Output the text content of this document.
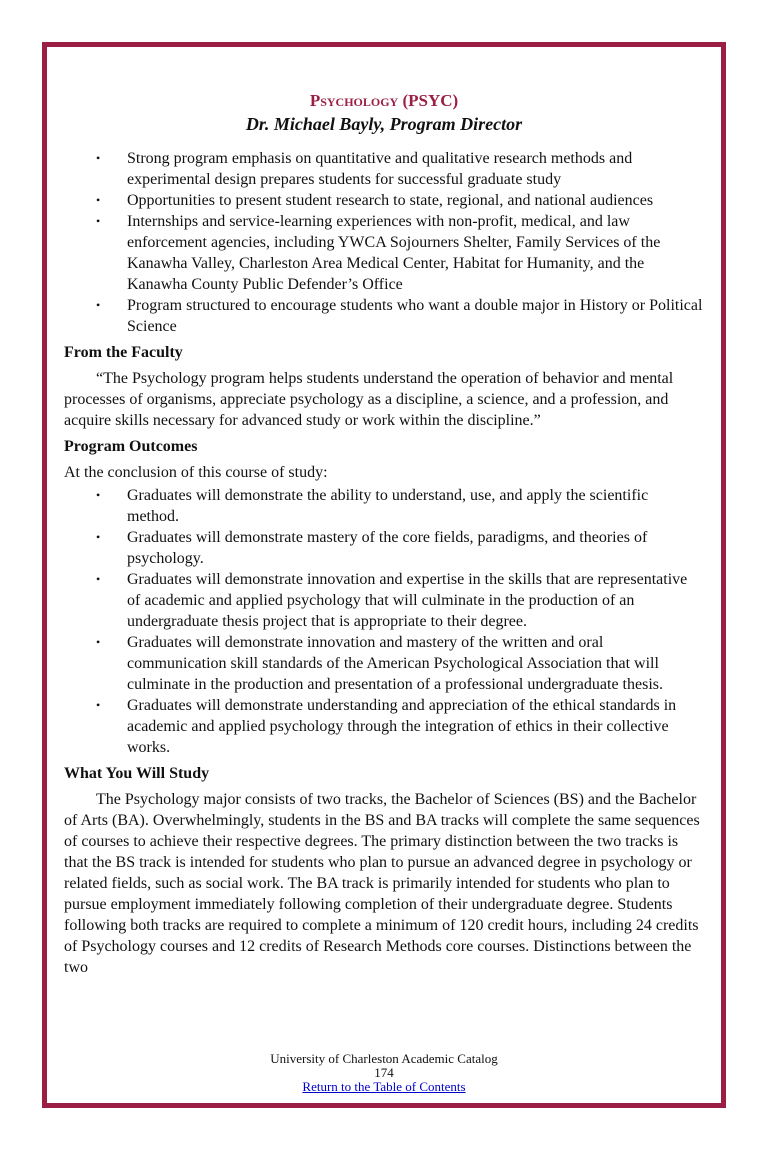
Psychology (PSYC)
Dr. Michael Bayly, Program Director
• Strong program emphasis on quantitative and qualitative research methods and experimental design prepares students for successful graduate study
• Opportunities to present student research to state, regional, and national audiences
• Internships and service-learning experiences with non-profit, medical, and law enforcement agencies, including YWCA Sojourners Shelter, Family Services of the Kanawha Valley, Charleston Area Medical Center, Habitat for Humanity, and the Kanawha County Public Defender’s Office
• Program structured to encourage students who want a double major in History or Political Science
From the Faculty

“The Psychology program helps students understand the operation of behavior and mental processes of organisms, appreciate psychology as a discipline, a science, and a profession, and acquire skills necessary for advanced study or work within the discipline.”

Program Outcomes

At the conclusion of this course of study:

• Graduates will demonstrate the ability to understand, use, and apply the scientific method.
• Graduates will demonstrate mastery of the core fields, paradigms, and theories of psychology.
• Graduates will demonstrate innovation and expertise in the skills that are representative of academic and applied psychology that will culminate in the production of an undergraduate thesis project that is appropriate to their degree.
• Graduates will demonstrate innovation and mastery of the written and oral communication skill standards of the American Psychological Association that will culminate in the production and presentation of a professional undergraduate thesis.
• Graduates will demonstrate understanding and appreciation of the ethical standards in academic and applied psychology through the integration of ethics in their collective works.
What You Will Study

The Psychology major consists of two tracks, the Bachelor of Sciences (BS) and the Bachelor of Arts (BA). Overwhelmingly, students in the BS and BA tracks will complete the same sequences of courses to achieve their respective degrees. The primary distinction between the two tracks is that the BS track is intended for students who plan to pursue an advanced degree in psychology or related fields, such as social work. The BA track is primarily intended for students who plan to pursue employment immediately following completion of their undergraduate degree. Students following both tracks are required to complete a minimum of 120 credit hours, including 24 credits of Psychology courses and 12 credits of Research Methods core courses. Distinctions between the two

University of Charleston Academic Catalog
174
Return to the Table of Contents
